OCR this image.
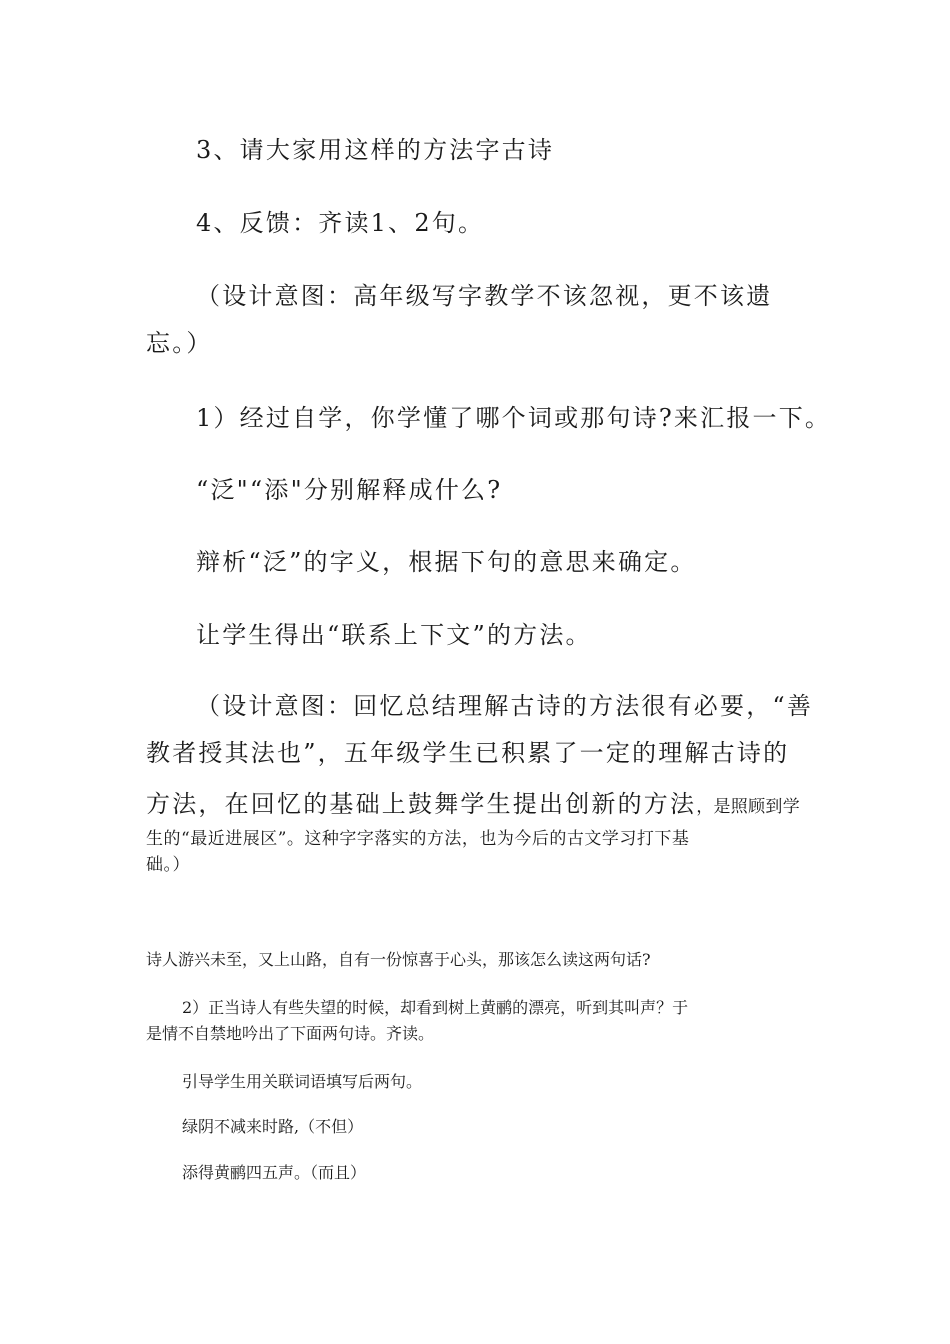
3、请大家用这样的方法字古诗

4、反馈：齐读1、2句。

（设计意图：高年级写字教学不该忽视，更不该遗

忘。）

1）经过自学，你学懂了哪个词或那句诗?来汇报一下。

“泛"“添"分别解释成什么?

辩析“泛”的字义，根据下句的意思来确定。

让学生得出“联系上下文”的方法。

（设计意图：回忆总结理解古诗的方法很有必要，“善

教者授其法也”，五年级学生已积累了一定的理解古诗的

方法，在回忆的基础上鼓舞学生提出创新的方法，是照顾到学

生的“最近进展区”。这种字字落实的方法，也为今后的古文学习打下基

础。）

诗人游兴未至，又上山路，自有一份惊喜于心头，那该怎么读这两句话?

2）正当诗人有些失望的时候，却看到树上黄鹂的漂亮，听到其叫声？于

是情不自禁地吟出了下面两句诗。齐读。

引导学生用关联词语填写后两句。

绿阴不减来时路,（不但）

添得黄鹂四五声。（而且）
